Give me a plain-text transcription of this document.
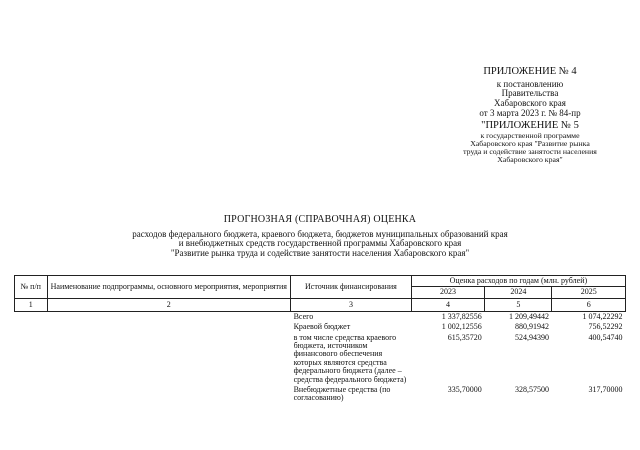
ПРИЛОЖЕНИЕ № 4
к постановлению
Правительства
Хабаровского края
от 3 марта 2023 г. № 84-пр
"ПРИЛОЖЕНИЕ № 5
к государственной программе
Хабаровского края "Развитие рынка
труда и содействие занятости населения
Хабаровского края"
ПРОГНОЗНАЯ (СПРАВОЧНАЯ) ОЦЕНКА
расходов федерального бюджета, краевого бюджета, бюджетов муниципальных образований края
и внебюджетных средств государственной программы Хабаровского края
"Развитие рынка труда и содействие занятости населения Хабаровского края"
№ п/п	Наименование подпрограммы, основного мероприятия, мероприятия	Источник финансирования	Оценка расходов по годам (млн. рублей)		
			2023	2024	2025
1	2	3	4	5	6
		Всего	1 337,82556	1 209,49442	1 074,22292
		Краевой бюджет	1 002,12556	880,91942	756,52292
		в том числе средства краевого бюджета, источником финансового обеспечения которых являются средства федерального бюджета (далее – средства федерального бюджета)	615,35720	524,94390	400,54740
		Внебюджетные средства (по согласованию)	335,70000	328,57500	317,70000
